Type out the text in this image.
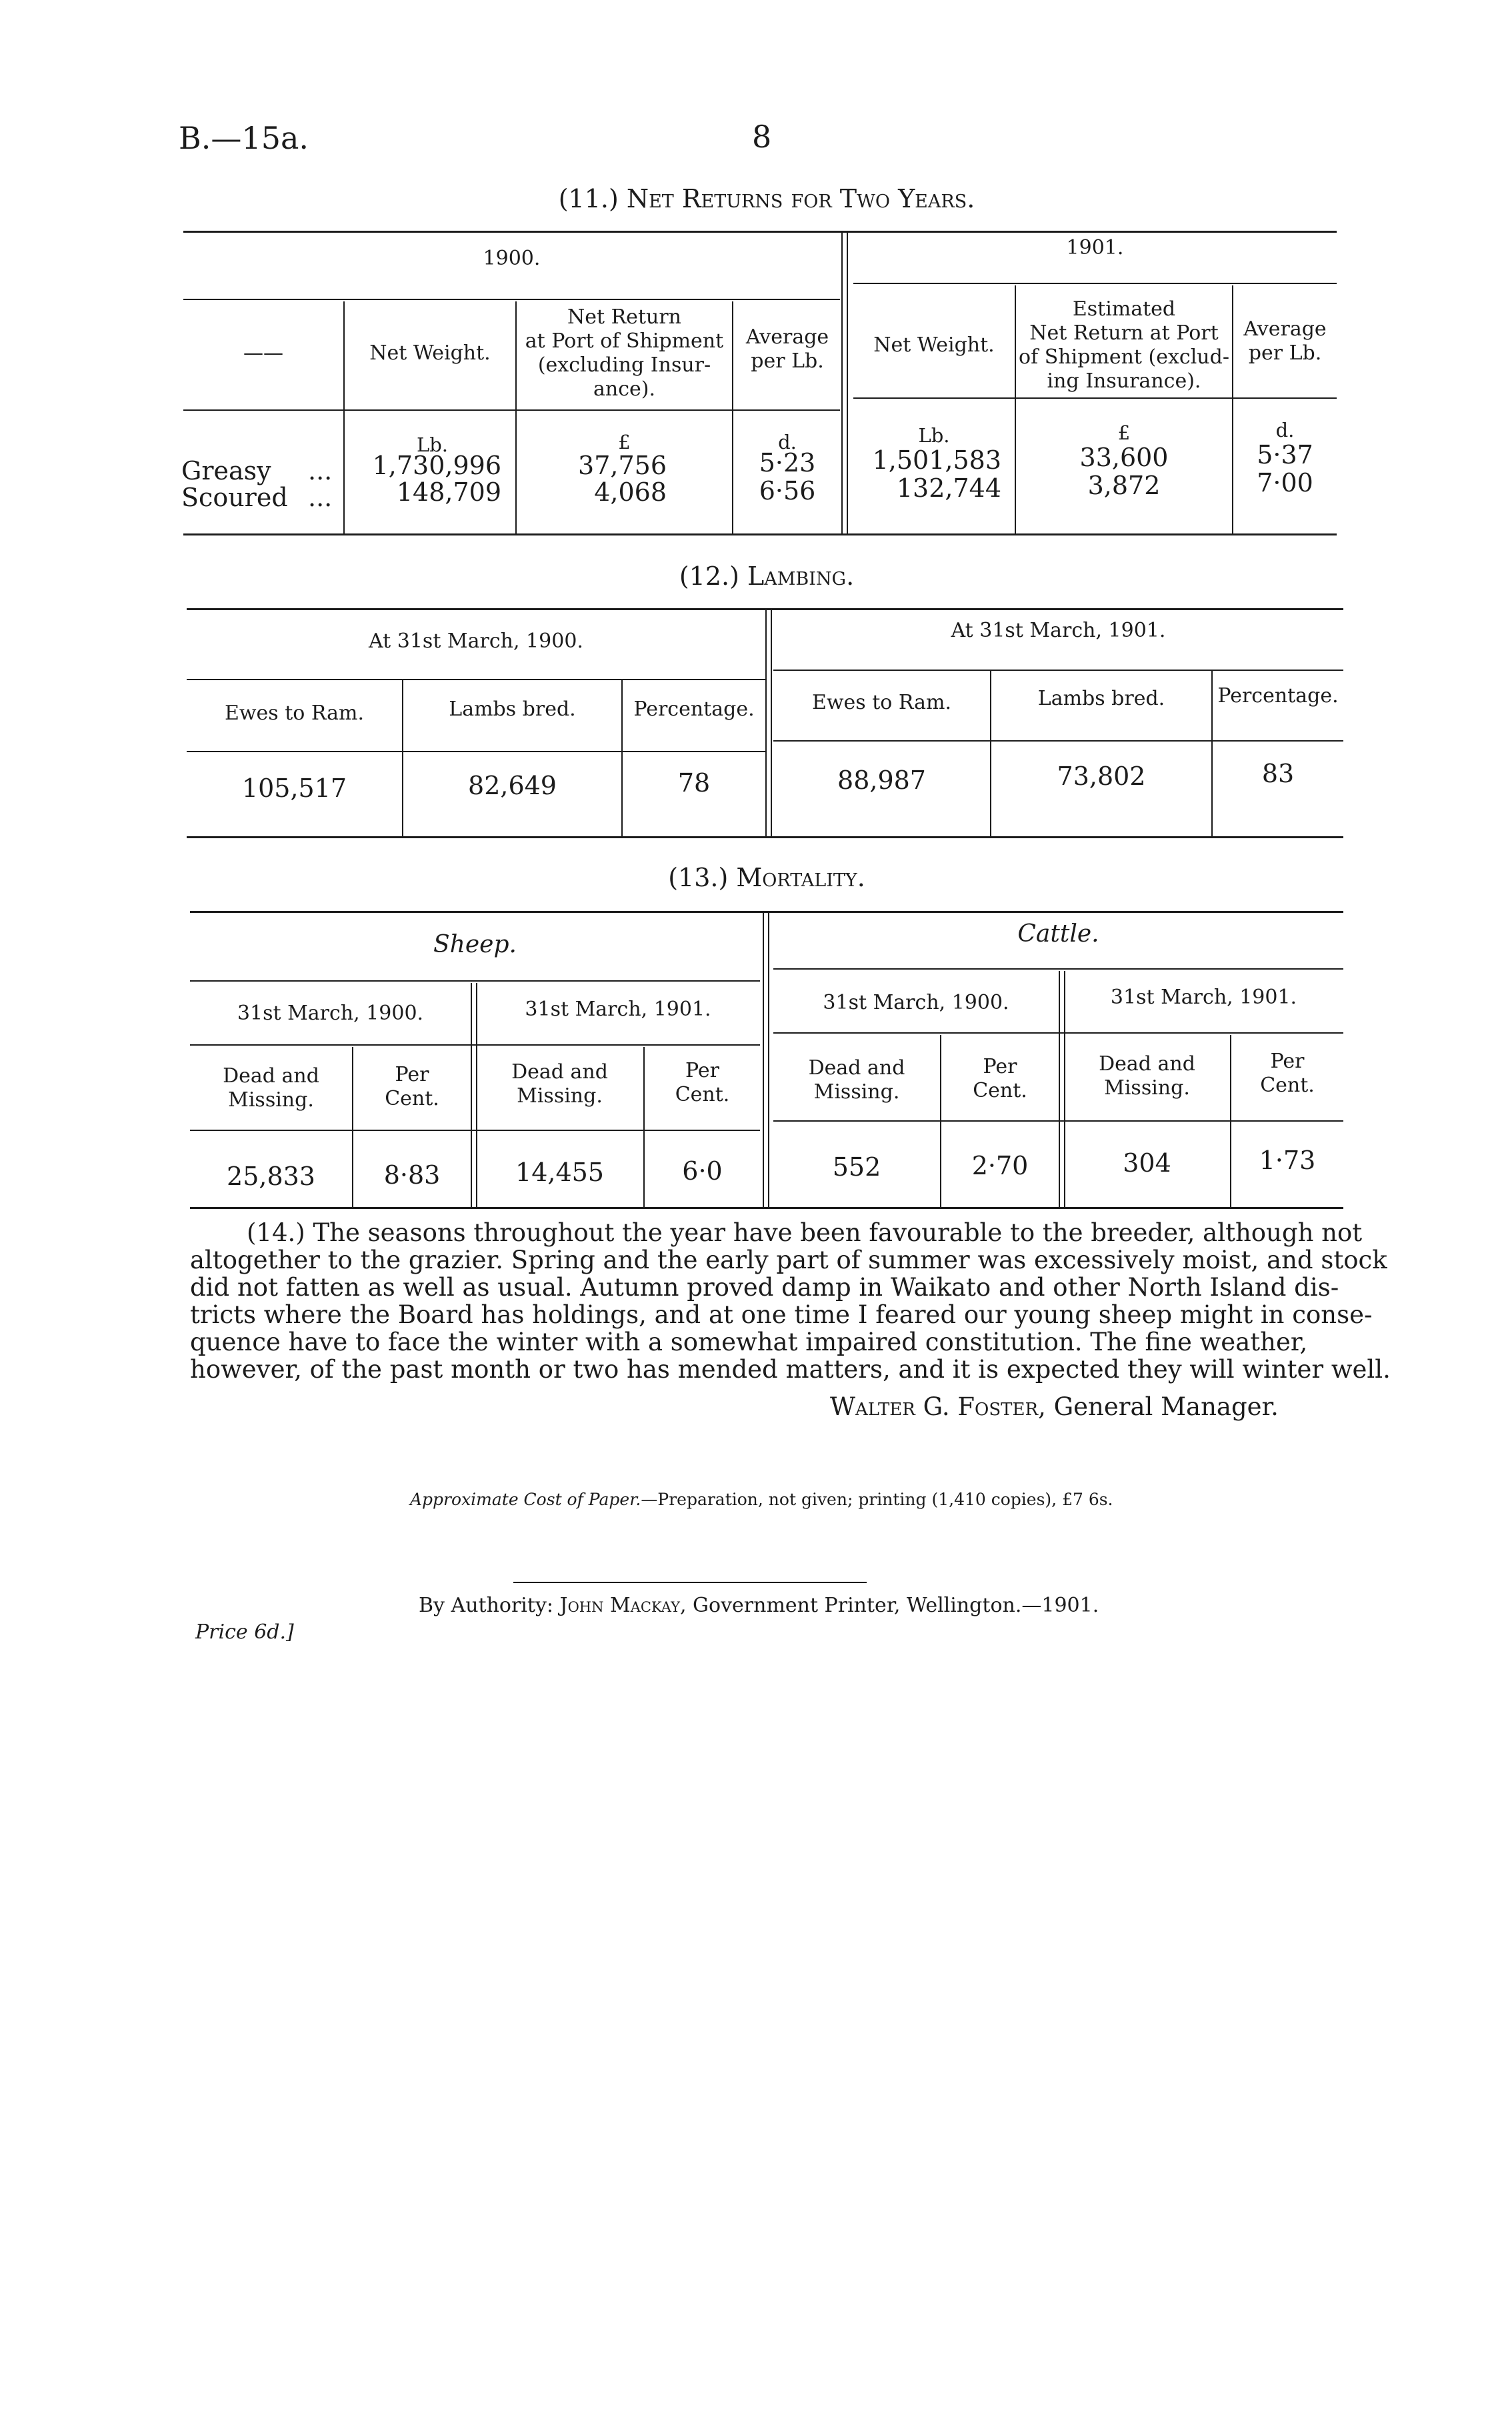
B.—15a.	8
(11.) Net Returns for Two Years.
1900.	1901.
——	Net Weight.
Net Return
at Port of Shipment
(excluding Insur-
ance).
Average
per Lb.
Net Weight.
Estimated
Net Return at Port
of Shipment (exclud-
ing Insurance).
Average
per Lb.
Lb.	£	d.	Lb.	£	d.
Greasy ...	1,730,996	37,756	5·23	1,501,583	33,600	5·37
Scoured ...	148,709	4,068	6·56	132,744	3,872	7·00
(12.) Lambing.
At 31st March, 1900.	At 31st March, 1901.
Ewes to Ram.	Lambs bred.	Percentage.	Ewes to Ram.	Lambs bred.	Percentage.
105,517	82,649	78	88,987	73,802	83
(13.) Mortality.
Sheep.	Cattle.
31st March, 1900.	31st March, 1901.	31st March, 1900.	31st March, 1901.
Dead and
Missing.
Per
Cent.
Dead and
Missing.
Per
Cent.
Dead and
Missing.
Per
Cent.
Dead and
Missing.
Per
Cent.
25,833	8·83	14,455	6·0	552	2·70	304	1·73
(14.) The seasons throughout the year have been favourable to the breeder, although not
altogether to the grazier. Spring and the early part of summer was excessively moist, and stock
did not fatten as well as usual. Autumn proved damp in Waikato and other North Island dis-
tricts where the Board has holdings, and at one time I feared our young sheep might in conse-
quence have to face the winter with a somewhat impaired constitution. The fine weather,
however, of the past month or two has mended matters, and it is expected they will winter well.
Walter G. Foster, General Manager.
Approximate Cost of Paper.—Preparation, not given; printing (1,410 copies), £7 6s.
By Authority: John Mackay, Government Printer, Wellington.—1901.
Price 6d.]
